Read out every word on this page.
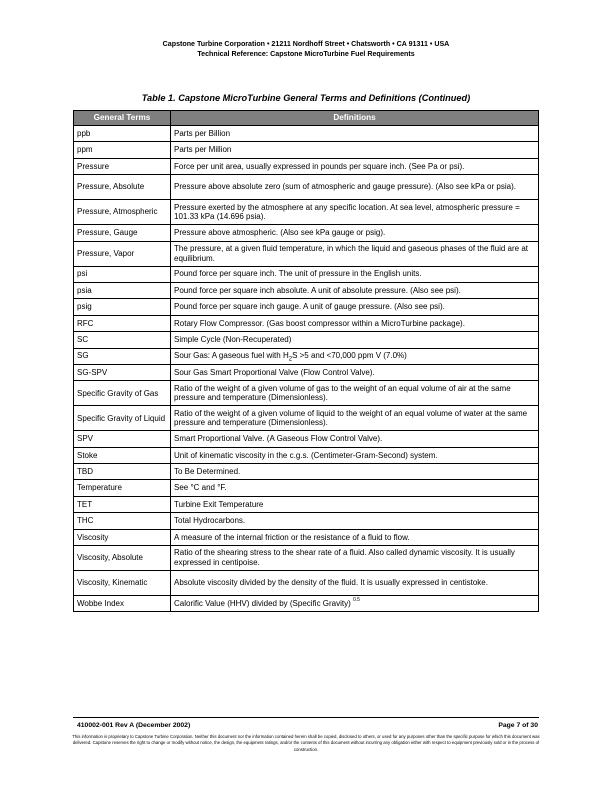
Capstone Turbine Corporation • 21211 Nordhoff Street • Chatsworth • CA 91311 • USA
Technical Reference: Capstone MicroTurbine Fuel Requirements
Table 1. Capstone MicroTurbine General Terms and Definitions (Continued)
General Terms	Definitions
ppb	Parts per Billion
ppm	Parts per Million
Pressure	Force per unit area, usually expressed in pounds per square inch. (See Pa or psi).
Pressure, Absolute	Pressure above absolute zero (sum of atmospheric and gauge pressure). (Also see kPa or psia).
Pressure, Atmospheric	Pressure exerted by the atmosphere at any specific location. At sea level, atmospheric pressure = 101.33 kPa (14.696 psia).
Pressure, Gauge	Pressure above atmospheric. (Also see kPa gauge or psig).
Pressure, Vapor	The pressure, at a given fluid temperature, in which the liquid and gaseous phases of the fluid are at equilibrium.
psi	Pound force per square inch. The unit of pressure in the English units.
psia	Pound force per square inch absolute. A unit of absolute pressure. (Also see psi).
psig	Pound force per square inch gauge. A unit of gauge pressure. (Also see psi).
RFC	Rotary Flow Compressor. (Gas boost compressor within a MicroTurbine package).
SC	Simple Cycle (Non-Recuperated)
SG	Sour Gas: A gaseous fuel with $H_2S >5$ and <70,000 ppm V (7.0%)
SG-SPV	Sour Gas Smart Proportional Valve (Flow Control Valve).
Specific Gravity of Gas	Ratio of the weight of a given volume of gas to the weight of an equal volume of air at the same pressure and temperature (Dimensionless).
Specific Gravity of Liquid	Ratio of the weight of a given volume of liquid to the weight of an equal volume of water at the same pressure and temperature (Dimensionless).
SPV	Smart Proportional Valve. (A Gaseous Flow Control Valve).
Stoke	Unit of kinematic viscosity in the c.g.s. (Centimeter-Gram-Second) system.
TBD	To Be Determined.
Temperature	See °C and °F.
TET	Turbine Exit Temperature
THC	Total Hydrocarbons.
Viscosity	A measure of the internal friction or the resistance of a fluid to flow.
Viscosity, Absolute	Ratio of the shearing stress to the shear rate of a fluid. Also called dynamic viscosity. It is usually expressed in centipoise.
Viscosity, Kinematic	Absolute viscosity divided by the density of the fluid. It is usually expressed in centistoke.
Wobbe Index	Calorific Value (HHV) divided by (Specific Gravity) $^{0.5}$
410002-001 Rev A (December 2002)	Page 7 of 30
This information is proprietary to Capstone Turbine Corporation. Neither this document nor the information contained herein shall be copied, disclosed to others, or used for any purposes other than the specific purpose for which this document was delivered. Capstone reserves the right to change or modify without notice, the design, the equipment ratings, and/or the contents of this document without incurring any obligation either with respect to equipment previously sold or in the process of construction.
